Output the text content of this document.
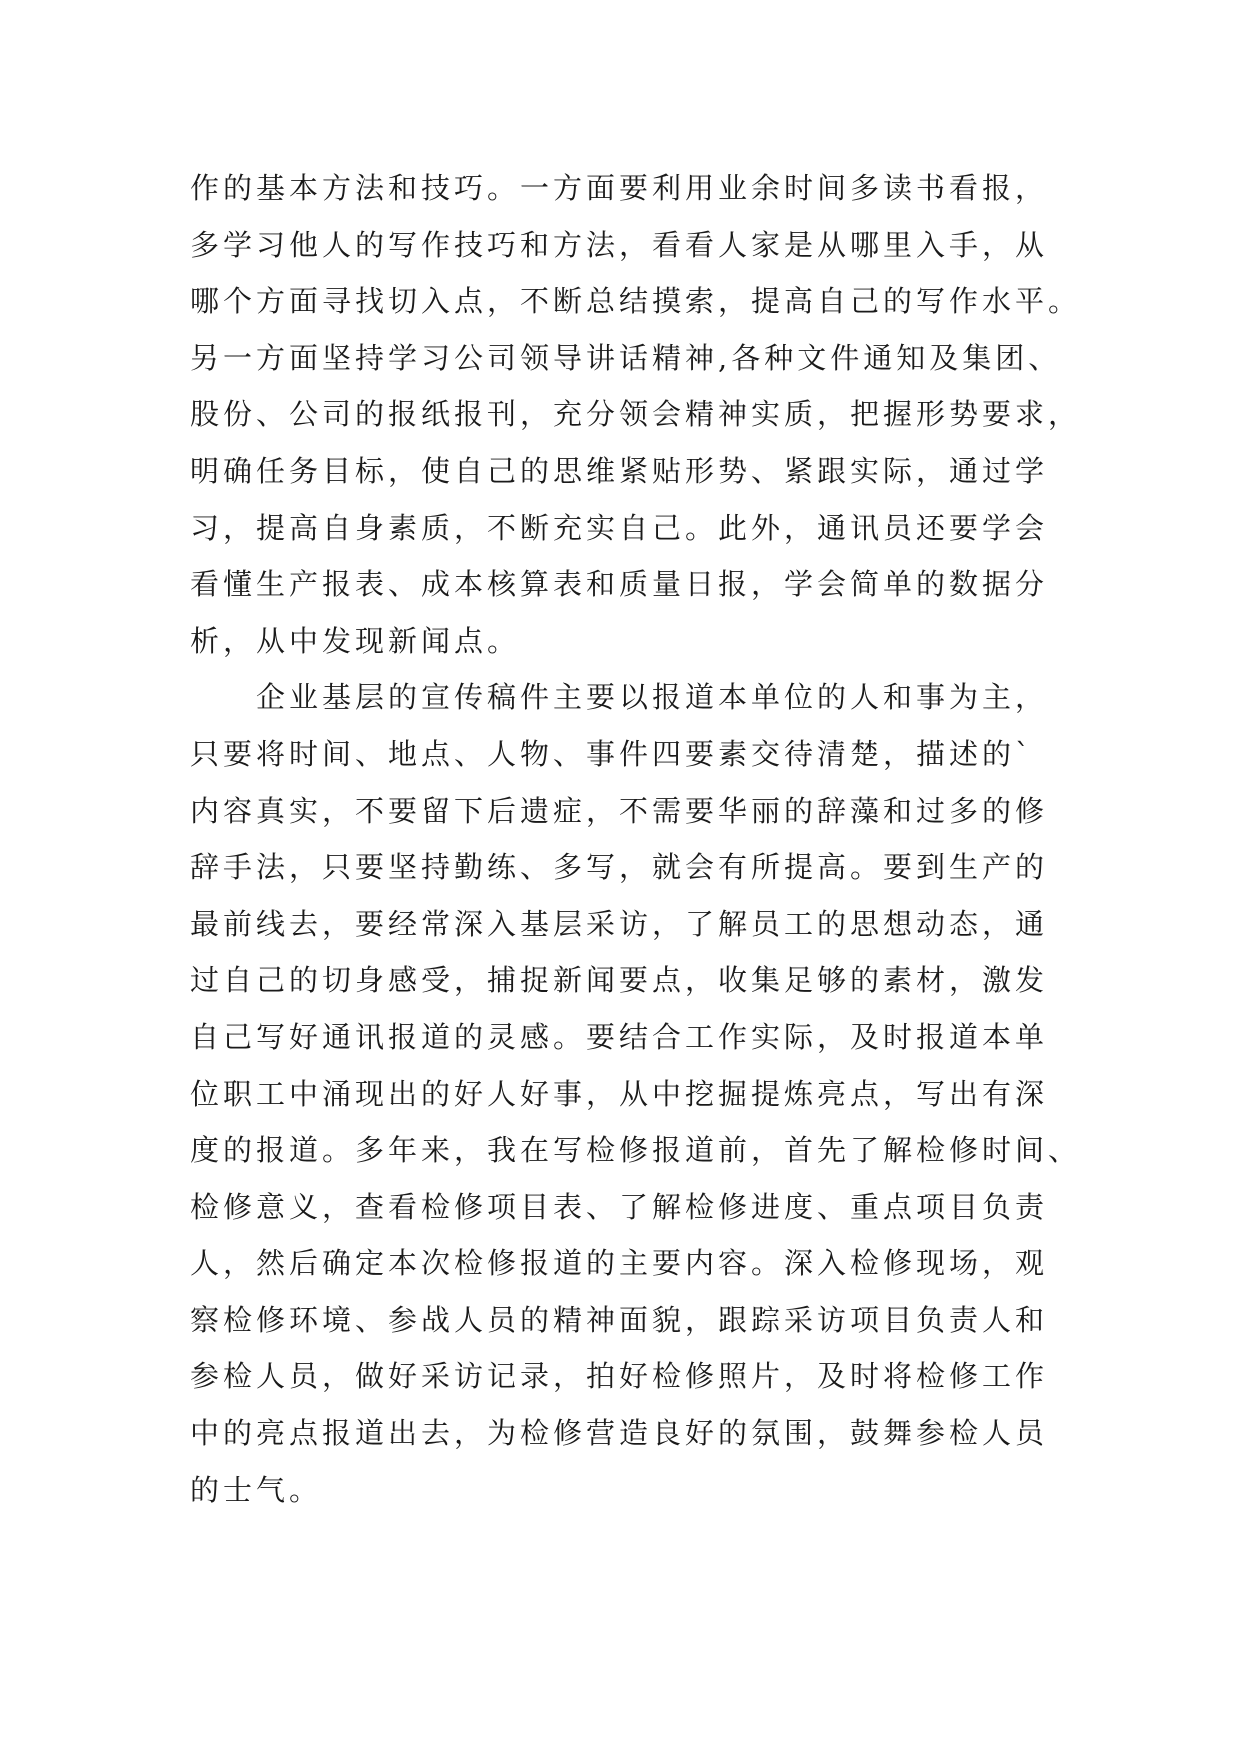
作的基本方法和技巧。一方面要利用业余时间多读书看报，
多学习他人的写作技巧和方法，看看人家是从哪里入手，从
哪个方面寻找切入点，不断总结摸索，提高自己的写作水平。
另一方面坚持学习公司领导讲话精神,各种文件通知及集团、
股份、公司的报纸报刊，充分领会精神实质，把握形势要求，
明确任务目标，使自己的思维紧贴形势、紧跟实际，通过学
习，提高自身素质，不断充实自己。此外，通讯员还要学会
看懂生产报表、成本核算表和质量日报，学会简单的数据分
析，从中发现新闻点。
企业基层的宣传稿件主要以报道本单位的人和事为主，
只要将时间、地点、人物、事件四要素交待清楚，描述的`
内容真实，不要留下后遗症，不需要华丽的辞藻和过多的修
辞手法，只要坚持勤练、多写，就会有所提高。要到生产的
最前线去，要经常深入基层采访，了解员工的思想动态，通
过自己的切身感受，捕捉新闻要点，收集足够的素材，激发
自己写好通讯报道的灵感。要结合工作实际，及时报道本单
位职工中涌现出的好人好事，从中挖掘提炼亮点，写出有深
度的报道。多年来，我在写检修报道前，首先了解检修时间、
检修意义，查看检修项目表、了解检修进度、重点项目负责
人，然后确定本次检修报道的主要内容。深入检修现场，观
察检修环境、参战人员的精神面貌，跟踪采访项目负责人和
参检人员，做好采访记录，拍好检修照片，及时将检修工作
中的亮点报道出去，为检修营造良好的氛围，鼓舞参检人员
的士气。
